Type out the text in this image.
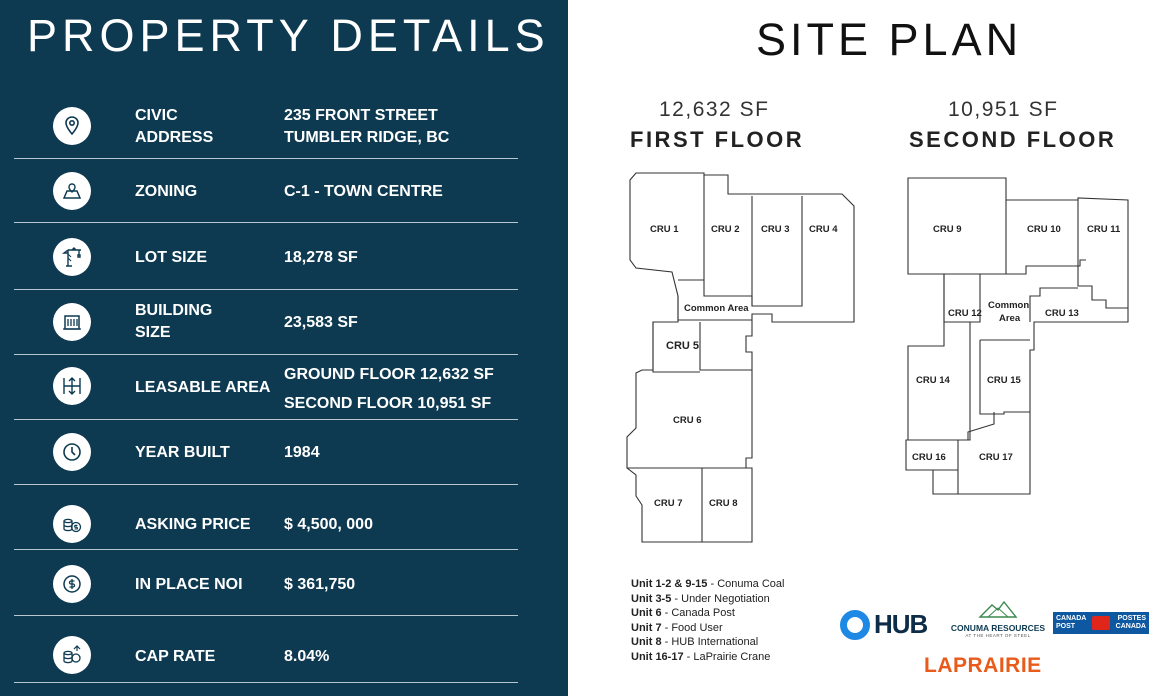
PROPERTY DETAILS
CIVIC
ADDRESS
235 FRONT STREET
TUMBLER RIDGE, BC
ZONING	C-1 - TOWN CENTRE
LOT SIZE	18,278 SF
BUILDING
SIZE
23,583 SF
LEASABLE AREA
GROUND FLOOR 12,632 SF
SECOND FLOOR 10,951 SF
YEAR BUILT	1984
ASKING PRICE $ 4,500, 000
IN PLACE NOI	$ 361,750
CAP RATE	8.04%
SITE PLAN
12,632 SF
FIRST FLOOR
10,951 SF
SECOND FLOOR
CRU 1	CRU 2 CRU 3 CRU 4
Common Area
CRU 5
CRU 6
CRU 7	CRU 8
CRU 9	CRU 10	CRU 11
CRU 12
Common
Area	CRU 13
CRU 14	CRU 15
CRU 16	CRU 17
Unit 1-2 & 9-15 - Conuma Coal
Unit 3-5 - Under Negotiation
Unit 6 - Canada Post
Unit 7 - Food User
Unit 8 - HUB International
Unit 16-17 - LaPrairie Crane
HUB	CONUMA RESOURCES
AT THE HEART OF STEEL
CANADA
POST
POSTES
CANADA
LAPRAIRIE
